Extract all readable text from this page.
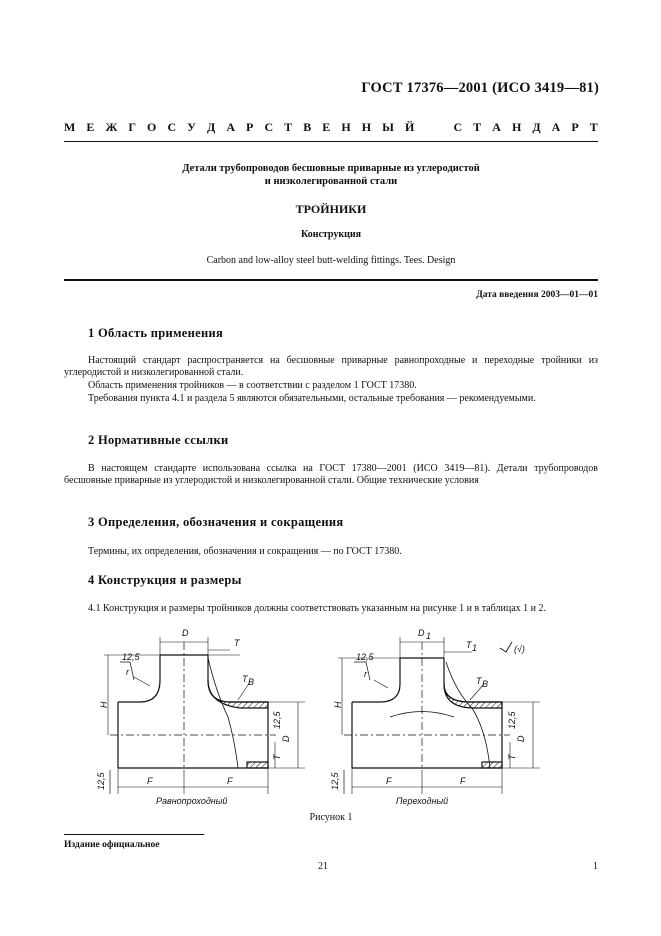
ГОСТ 17376—2001 (ИСО 3419—81)
М Е Ж Г О С У Д А Р С Т В Е Н Н Ы Й

	С Т А Н Д А Р Т
Детали трубопроводов бесшовные приварные из углеродистой
и низколегированной стали
ТРОЙНИКИ
Конструкция
Carbon and low-alloy steel butt-welding fittings. Tees. Design
Дата введения 2003—01—01
1 Область применения

Настоящий стандарт распространяется на бесшовные приварные равнопроходные и переходные тройники из углеродистой и низколегированной стали.

Область применения тройников — в соответствии с разделом 1 ГОСТ 17380.

Требования пункта 4.1 и раздела 5 являются обязательными, остальные требования — рекомендуемыми.

2 Нормативные ссылки

В настоящем стандарте использована ссылка на ГОСТ 17380—2001 (ИСО 3419—81). Детали трубопроводов бесшовные приварные из углеродистой и низколегированной стали. Общие технические условия

3 Определения, обозначения и сокращения

Термины, их определения, обозначения и сокращения — по ГОСТ 17380.

4 Конструкция и размеры

4.1 Конструкция и размеры тройников должны соответствовать указанным на рисунке 1 и в таблицах 1 и 2.

D
T
r
T B
H
F	F
12,5
12,5
12,5
D
T
Равнопроходный
D 1
T 1
r
T B
H
F	F
12,5
12,5
12,5
D
T
(√)
Переходный
Рисунок 1
Издание официальное
21	1
